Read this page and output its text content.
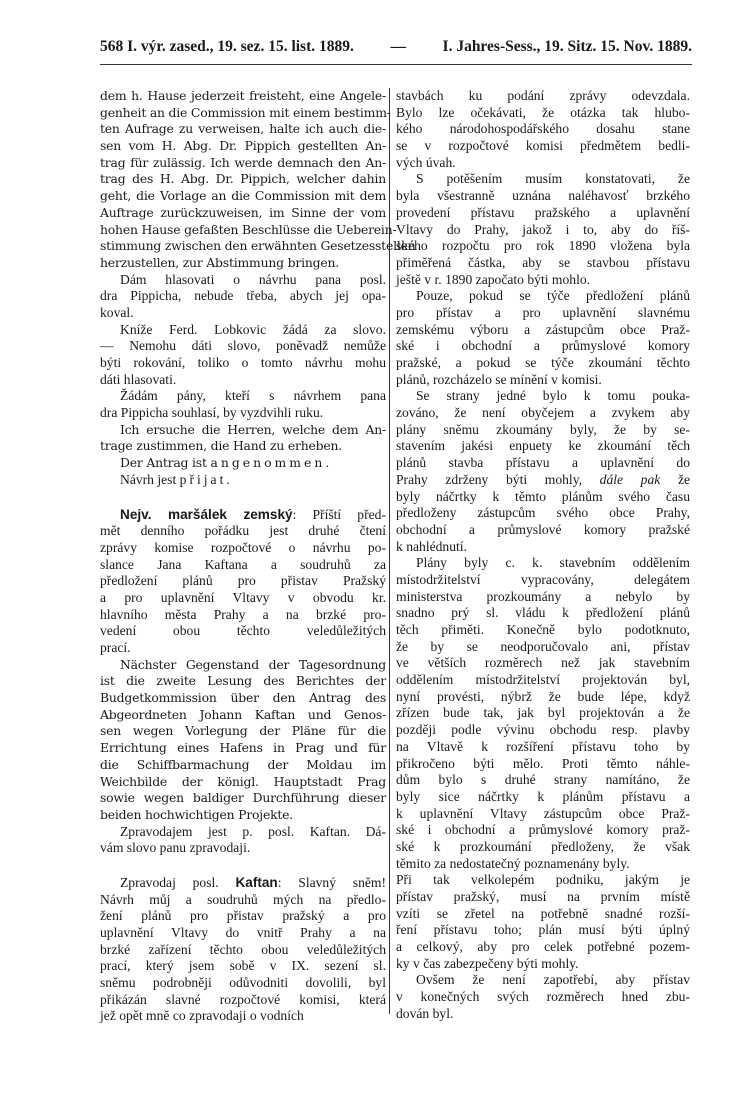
568 I. výr. zased., 19. sez. 15. list. 1889. — I. Jahres-Sess., 19. Sitz. 15. Nov. 1889.
dem h. Hause jederzeit freisteht, eine Angele-
genheit an die Commission mit einem bestimm-
ten Aufrage zu verweisen, halte ich auch die-
sen vom H. Abg. Dr. Pippich gestellten An-
trag für zulässig. Ich werde demnach den An-
trag des H. Abg. Dr. Pippich, welcher dahin
geht, die Vorlage an die Commission mit dem
Auftrage zurückzuweisen, im Sinne der vom
hohen Hause gefaßten Beschlüsse die Ueberein-
stimmung zwischen den erwähnten Gesetzesstellen
herzustellen, zur Abstimmung bringen.
Dám hlasovati o návrhu pana posl.
dra Pippicha, nebude třeba, abych jej opa-
koval.
Kníže Ferd. Lobkovic žádá za slovo.
— Nemohu dáti slovo, poněvadž nemůže
býti rokování, toliko o tomto návrhu mohu
dáti hlasovati.
Žádám pány, kteří s návrhem pana
dra Pippicha souhlasí, by vyzdvihli ruku.
Ich ersuche die Herren, welche dem An-
trage zustimmen, die Hand zu erheben.
Der Antrag ist angenommen.
Návrh jest přijat.
Nejv. maršálek zemský: Příští před-
mět denního pořádku jest druhé čtení
zprávy komise rozpočtové o návrhu po-
slance Jana Kaftana a soudruhů za
předložení plánů pro přistav Pražský
a pro uplavnění Vltavy v obvodu kr.
hlavního města Prahy a na brzké pro-
vedení obou těchto veledůležitých
prací.
Nächster Gegenstand der Tagesordnung
ist die zweite Lesung des Berichtes der
Budgetkommission über den Antrag des
Abgeordneten Johann Kaftan und Genos-
sen wegen Vorlegung der Pläne für die
Errichtung eines Hafens in Prag und für
die Schiffbarmachung der Moldau im
Weichbilde der königl. Hauptstadt Prag
sowie wegen baldiger Durchführung dieser
beiden hochwichtigen Projekte.
Zpravodajem jest p. posl. Kaftan. Dá-
vám slovo panu zpravodaji.
Zpravodaj posl. Kaftan: Slavný sněm!
Návrh můj a soudruhů mých na předlo-
žení plánů pro přistav pražský a pro
uplavnění Vltavy do vnitř Prahy a na
brzké zařízení těchto obou veledůležitých
prací, který jsem sobě v IX. sezení sl.
sněmu podrobněji odůvodniti dovolili, byl
přikázán slavné rozpočtové komisi, která
jež opět mně co zpravodaji o vodních
stavbách ku podání zprávy odevzdala.
Bylo lze očekávati, že otázka tak hlubo-
kého národohospodářského dosahu stane
se v rozpočtové komisi předmětem bedli-
vých úvah.
S potěšením musím konstatovati, že
byla všestranně uznána naléhavosť brzkého
provedení přístavu pražského a uplavnění
Vltavy do Prahy, jakož i to, aby do říš-
ského rozpočtu pro rok 1890 vložena byla
přiměřená částka, aby se stavbou přístavu
ještě v r. 1890 započato býti mohlo.
Pouze, pokud se týče předložení plánů
pro přístav a pro uplavnění slavnému
zemskému výboru a zástupcům obce Praž-
ské i obchodní a průmyslové komory
pražské, a pokud se týče zkoumání těchto
plánů, rozcházelo se mínění v komisi.
Se strany jedné bylo k tomu pouka-
zováno, že není obyčejem a zvykem aby
plány sněmu zkoumány byly, že by se-
stavením jakési enpuety ke zkoumání těch
plánů stavba přístavu a uplavnění do
Prahy zdrženy býti mohly, dále pak že
byly náčrtky k těmto plánům svého času
předloženy zástupcům svého obce Prahy,
obchodní a průmyslové komory pražské
k nahlédnutí.
Plány byly c. k. stavebním oddělením
místodržitelství vypracovány, delegátem
ministerstva prozkoumány a nebylo by
snadno prý sl. vládu k předložení plánů
těch přiměti. Konečně bylo podotknuto,
že by se neodporučovalo ani, přístav
ve větších rozměrech než jak stavebním
oddělením místodržitelství projektován byl,
nyní provésti, nýbrž že bude lépe, když
zřízen bude tak, jak byl projektován a že
později podle vývinu obchodu resp. plavby
na Vltavě k rozšíření přístavu toho by
přikročeno býti mělo. Proti těmto náhle-
dům bylo s druhé strany namítáno, že
byly sice náčrtky k plánům přístavu a
k uplavnění Vltavy zástupcům obce Praž-
ské i obchodní a průmyslové komory praž-
ské k prozkoumání předloženy, že však
těmito za nedostatečný poznamenány byly.
Při tak velkolepém podniku, jakým je
přístav pražský, musí na prvním místě
vzíti se zřetel na potřebně snadné rozší-
ření přístavu toho; plán musí býti úplný
a celkový, aby pro celek potřebné pozem-
ky v čas zabezpečeny býti mohly.
Ovšem že není zapotřebí, aby přístav
v konečných svých rozměrech hned zbu-
dován byl.
